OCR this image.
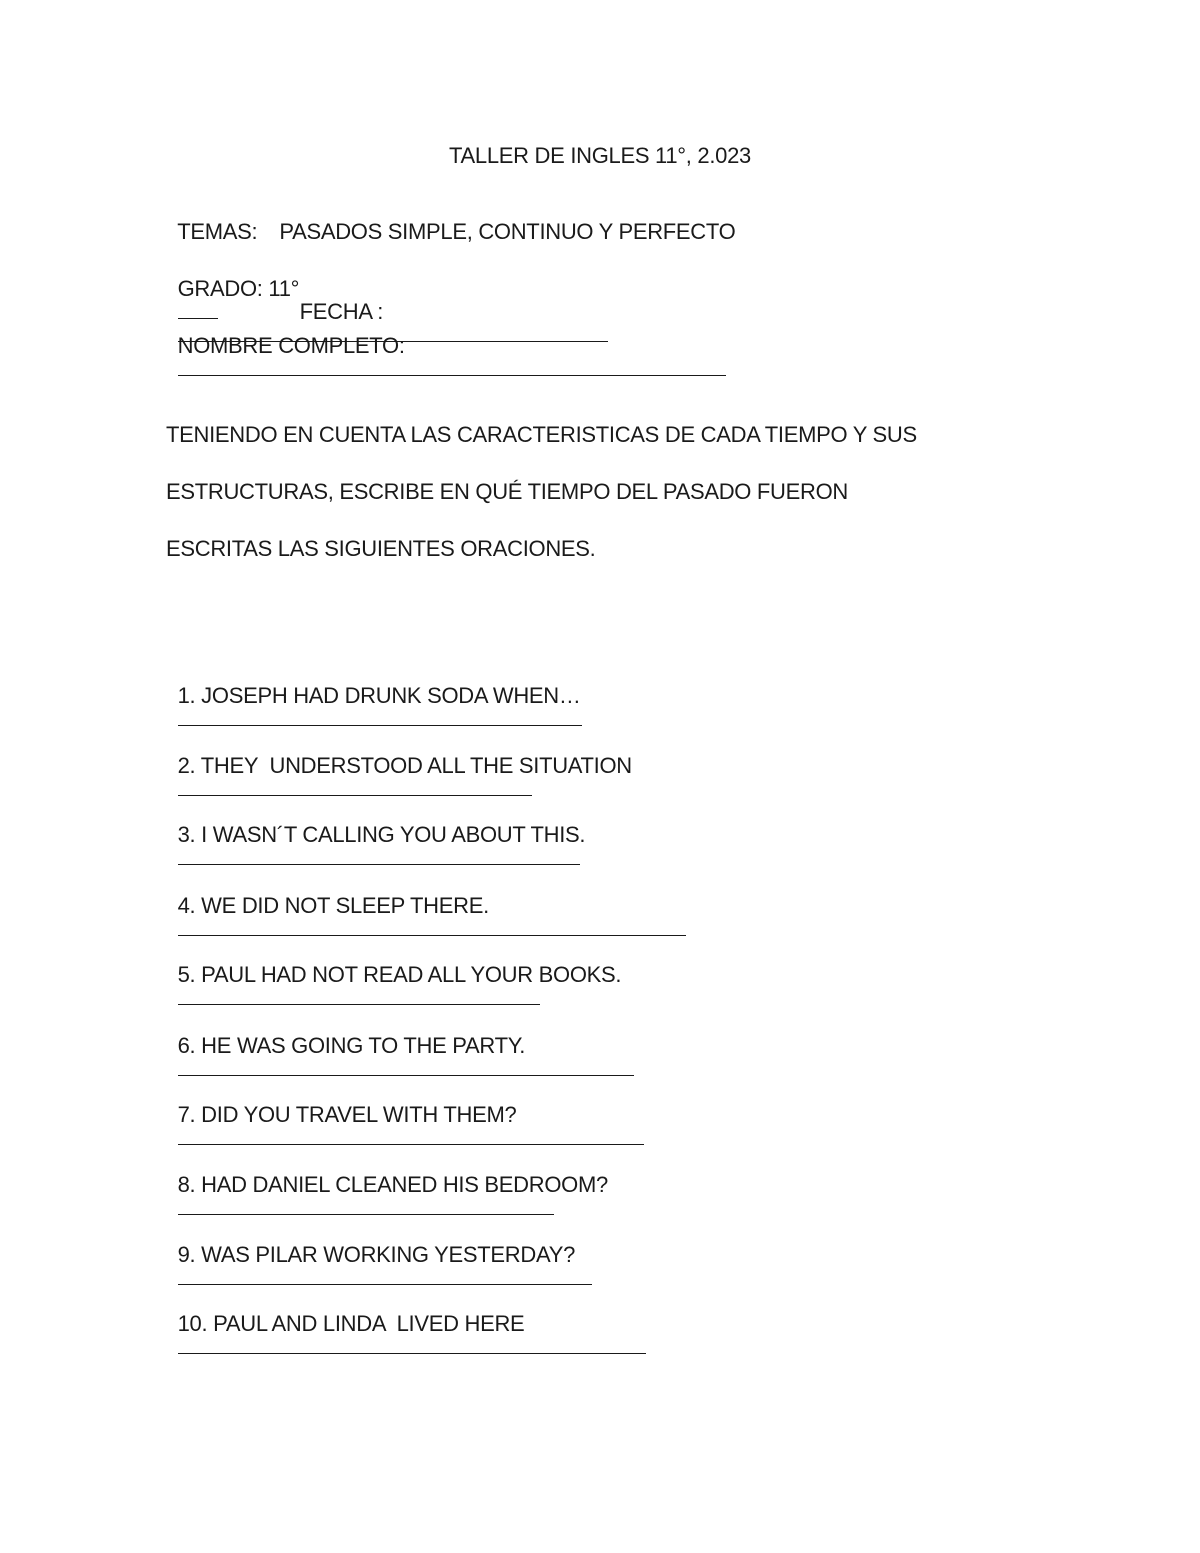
TALLER DE INGLES 11°, 2.023

TEMAS: PASADOS SIMPLE, CONTINUO Y PERFECTO

GRADO: 11°
FECHA :

NOMBRE COMPLETO:

TENIENDO EN CUENTA LAS CARACTERISTICAS DE CADA TIEMPO Y SUS
ESTRUCTURAS, ESCRIBE EN QUÉ TIEMPO DEL PASADO FUERON
ESCRITAS LAS SIGUIENTES ORACIONES.

1. JOSEPH HAD DRUNK SODA WHEN…

2. THEY  UNDERSTOOD ALL THE SITUATION

3. I WASN´T CALLING YOU ABOUT THIS.

4. WE DID NOT SLEEP THERE.

5. PAUL HAD NOT READ ALL YOUR BOOKS.

6. HE WAS GOING TO THE PARTY.

7. DID YOU TRAVEL WITH THEM?

8. HAD DANIEL CLEANED HIS BEDROOM?

9. WAS PILAR WORKING YESTERDAY?

10. PAUL AND LINDA  LIVED HERE
